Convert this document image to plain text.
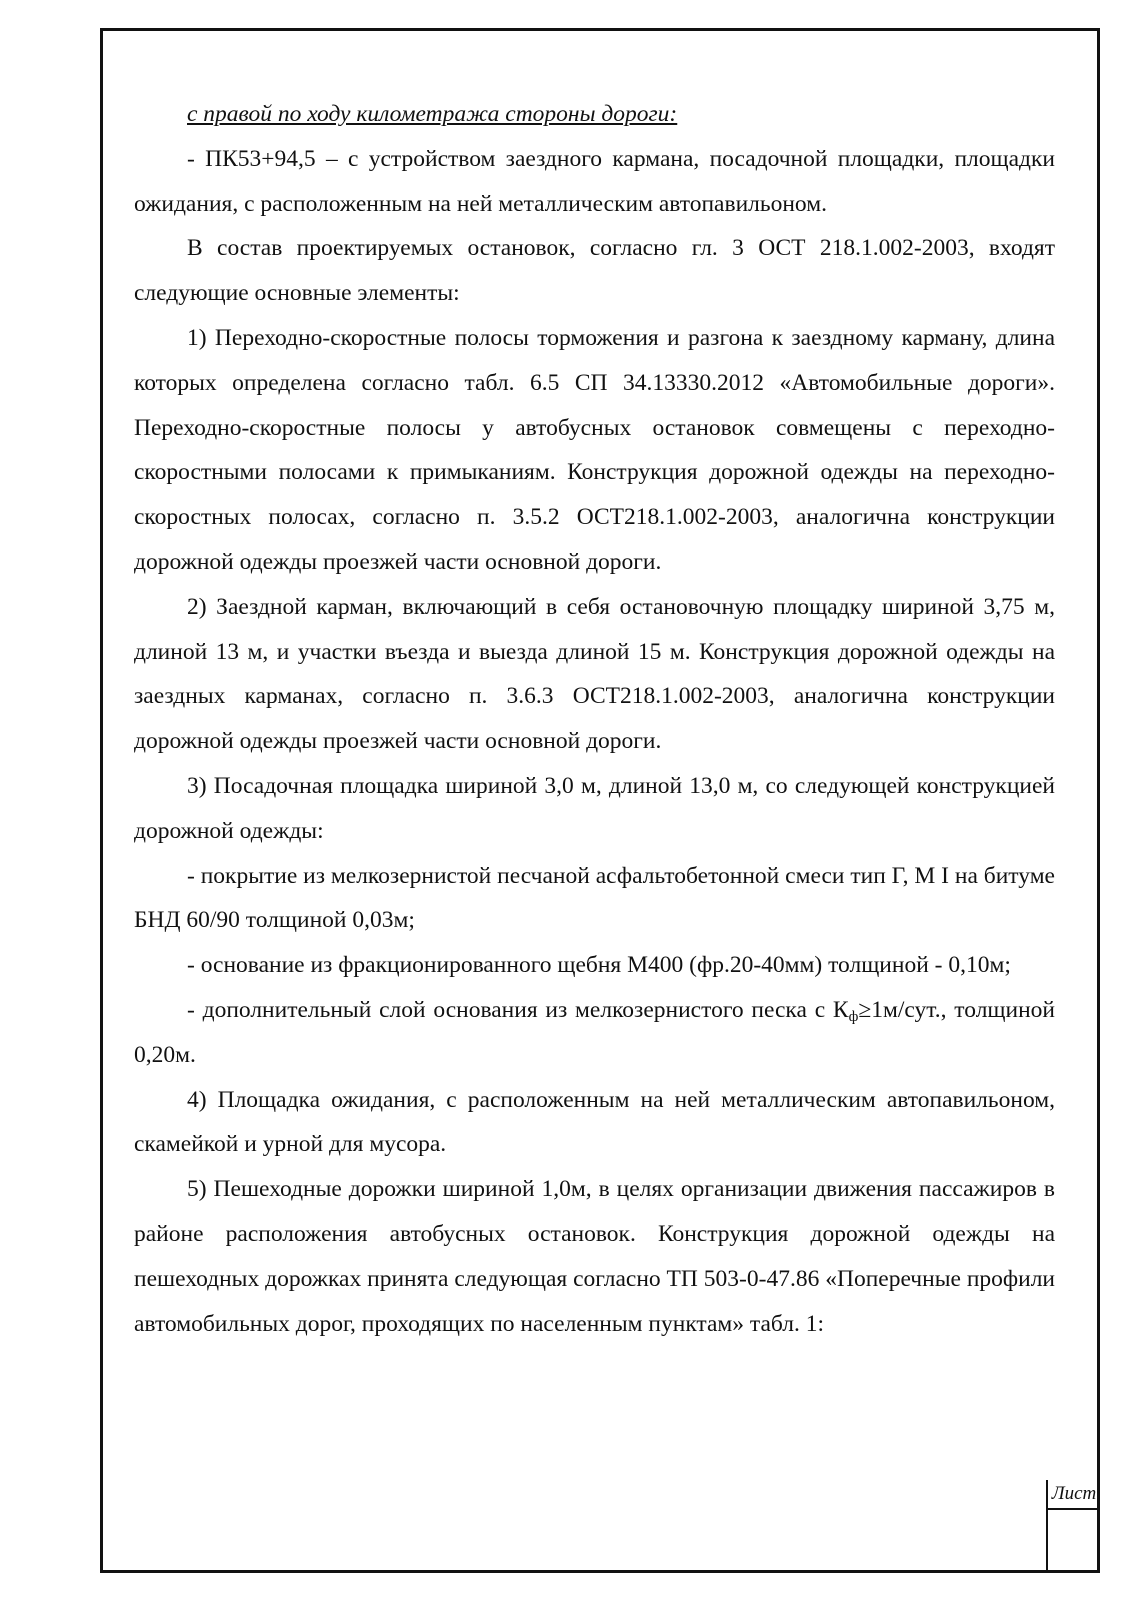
с правой по ходу километража стороны дороги:

- ПК53+94,5 – с устройством заездного кармана, посадочной площадки, площадки ожидания, с расположенным на ней металлическим автопавильоном.

В состав проектируемых остановок, согласно гл. 3 ОСТ 218.1.002-2003, входят следующие основные элементы:

1) Переходно-скоростные полосы торможения и разгона к заездному карману, длина которых определена согласно табл. 6.5 СП 34.13330.2012 «Автомобильные дороги». Переходно-скоростные полосы у автобусных остановок совмещены с переходно-скоростными полосами к примыканиям. Конструкция дорожной одежды на переходно-скоростных полосах, согласно п. 3.5.2 ОСТ218.1.002-2003, аналогична конструкции дорожной одежды проезжей части основной дороги.

2) Заездной карман, включающий в себя остановочную площадку шириной 3,75 м, длиной 13 м, и участки въезда и выезда длиной 15 м. Конструкция дорожной одежды на заездных карманах, согласно п. 3.6.3 ОСТ218.1.002-2003, аналогична конструкции дорожной одежды проезжей части основной дороги.

3) Посадочная площадка шириной 3,0 м, длиной 13,0 м, со следующей конструкцией дорожной одежды:

- покрытие из мелкозернистой песчаной асфальтобетонной смеси тип Г, М I на битуме БНД 60/90 толщиной 0,03м;

- основание из фракционированного щебня М400 (фр.20-40мм) толщиной - 0,10м;

- дополнительный слой основания из мелкозернистого песка с $К_ф\ge 1м$/сут., толщиной 0,20м.

4) Площадка ожидания, с расположенным на ней металлическим автопавильоном, скамейкой и урной для мусора.

5) Пешеходные дорожки шириной 1,0м, в целях организации движения пассажиров в районе расположения автобусных остановок. Конструкция дорожной одежды на пешеходных дорожках принята следующая согласно ТП 503-0-47.86 «Поперечные профили автомобильных дорог, проходящих по населенным пунктам» табл. 1:

Лист
